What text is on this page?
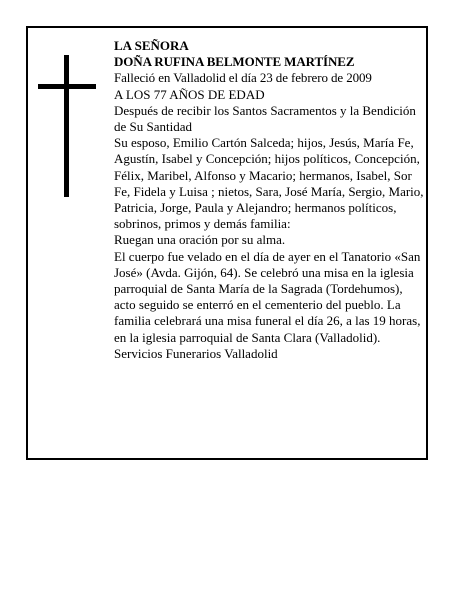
LA SEÑORA

DOÑA RUFINA BELMONTE MARTÍNEZ

Falleció en Valladolid el día 23 de febrero de 2009

A LOS 77 AÑOS DE EDAD

Después de recibir los Santos Sacramentos y la Bendición de Su Santidad

Su esposo, Emilio Cartón Salceda; hijos, Jesús, María Fe, Agustín, Isabel y Concepción; hijos políticos, Concepción, Félix, Maribel, Alfonso y Macario; hermanos, Isabel, Sor Fe, Fidela y Luisa ; nietos, Sara, José María, Sergio, Mario, Patricia, Jorge, Paula y Alejandro; hermanos políticos, sobrinos, primos y demás familia:

Ruegan una oración por su alma.

El cuerpo fue velado en el día de ayer en el Tanatorio «San José» (Avda. Gijón, 64). Se celebró una misa en la iglesia parroquial de Santa María de la Sagrada (Tordehumos), acto seguido se enterró en el cementerio del pueblo. La familia celebrará una misa funeral el día 26, a las 19 horas, en la iglesia parroquial de Santa Clara (Valladolid).

Servicios Funerarios Valladolid
